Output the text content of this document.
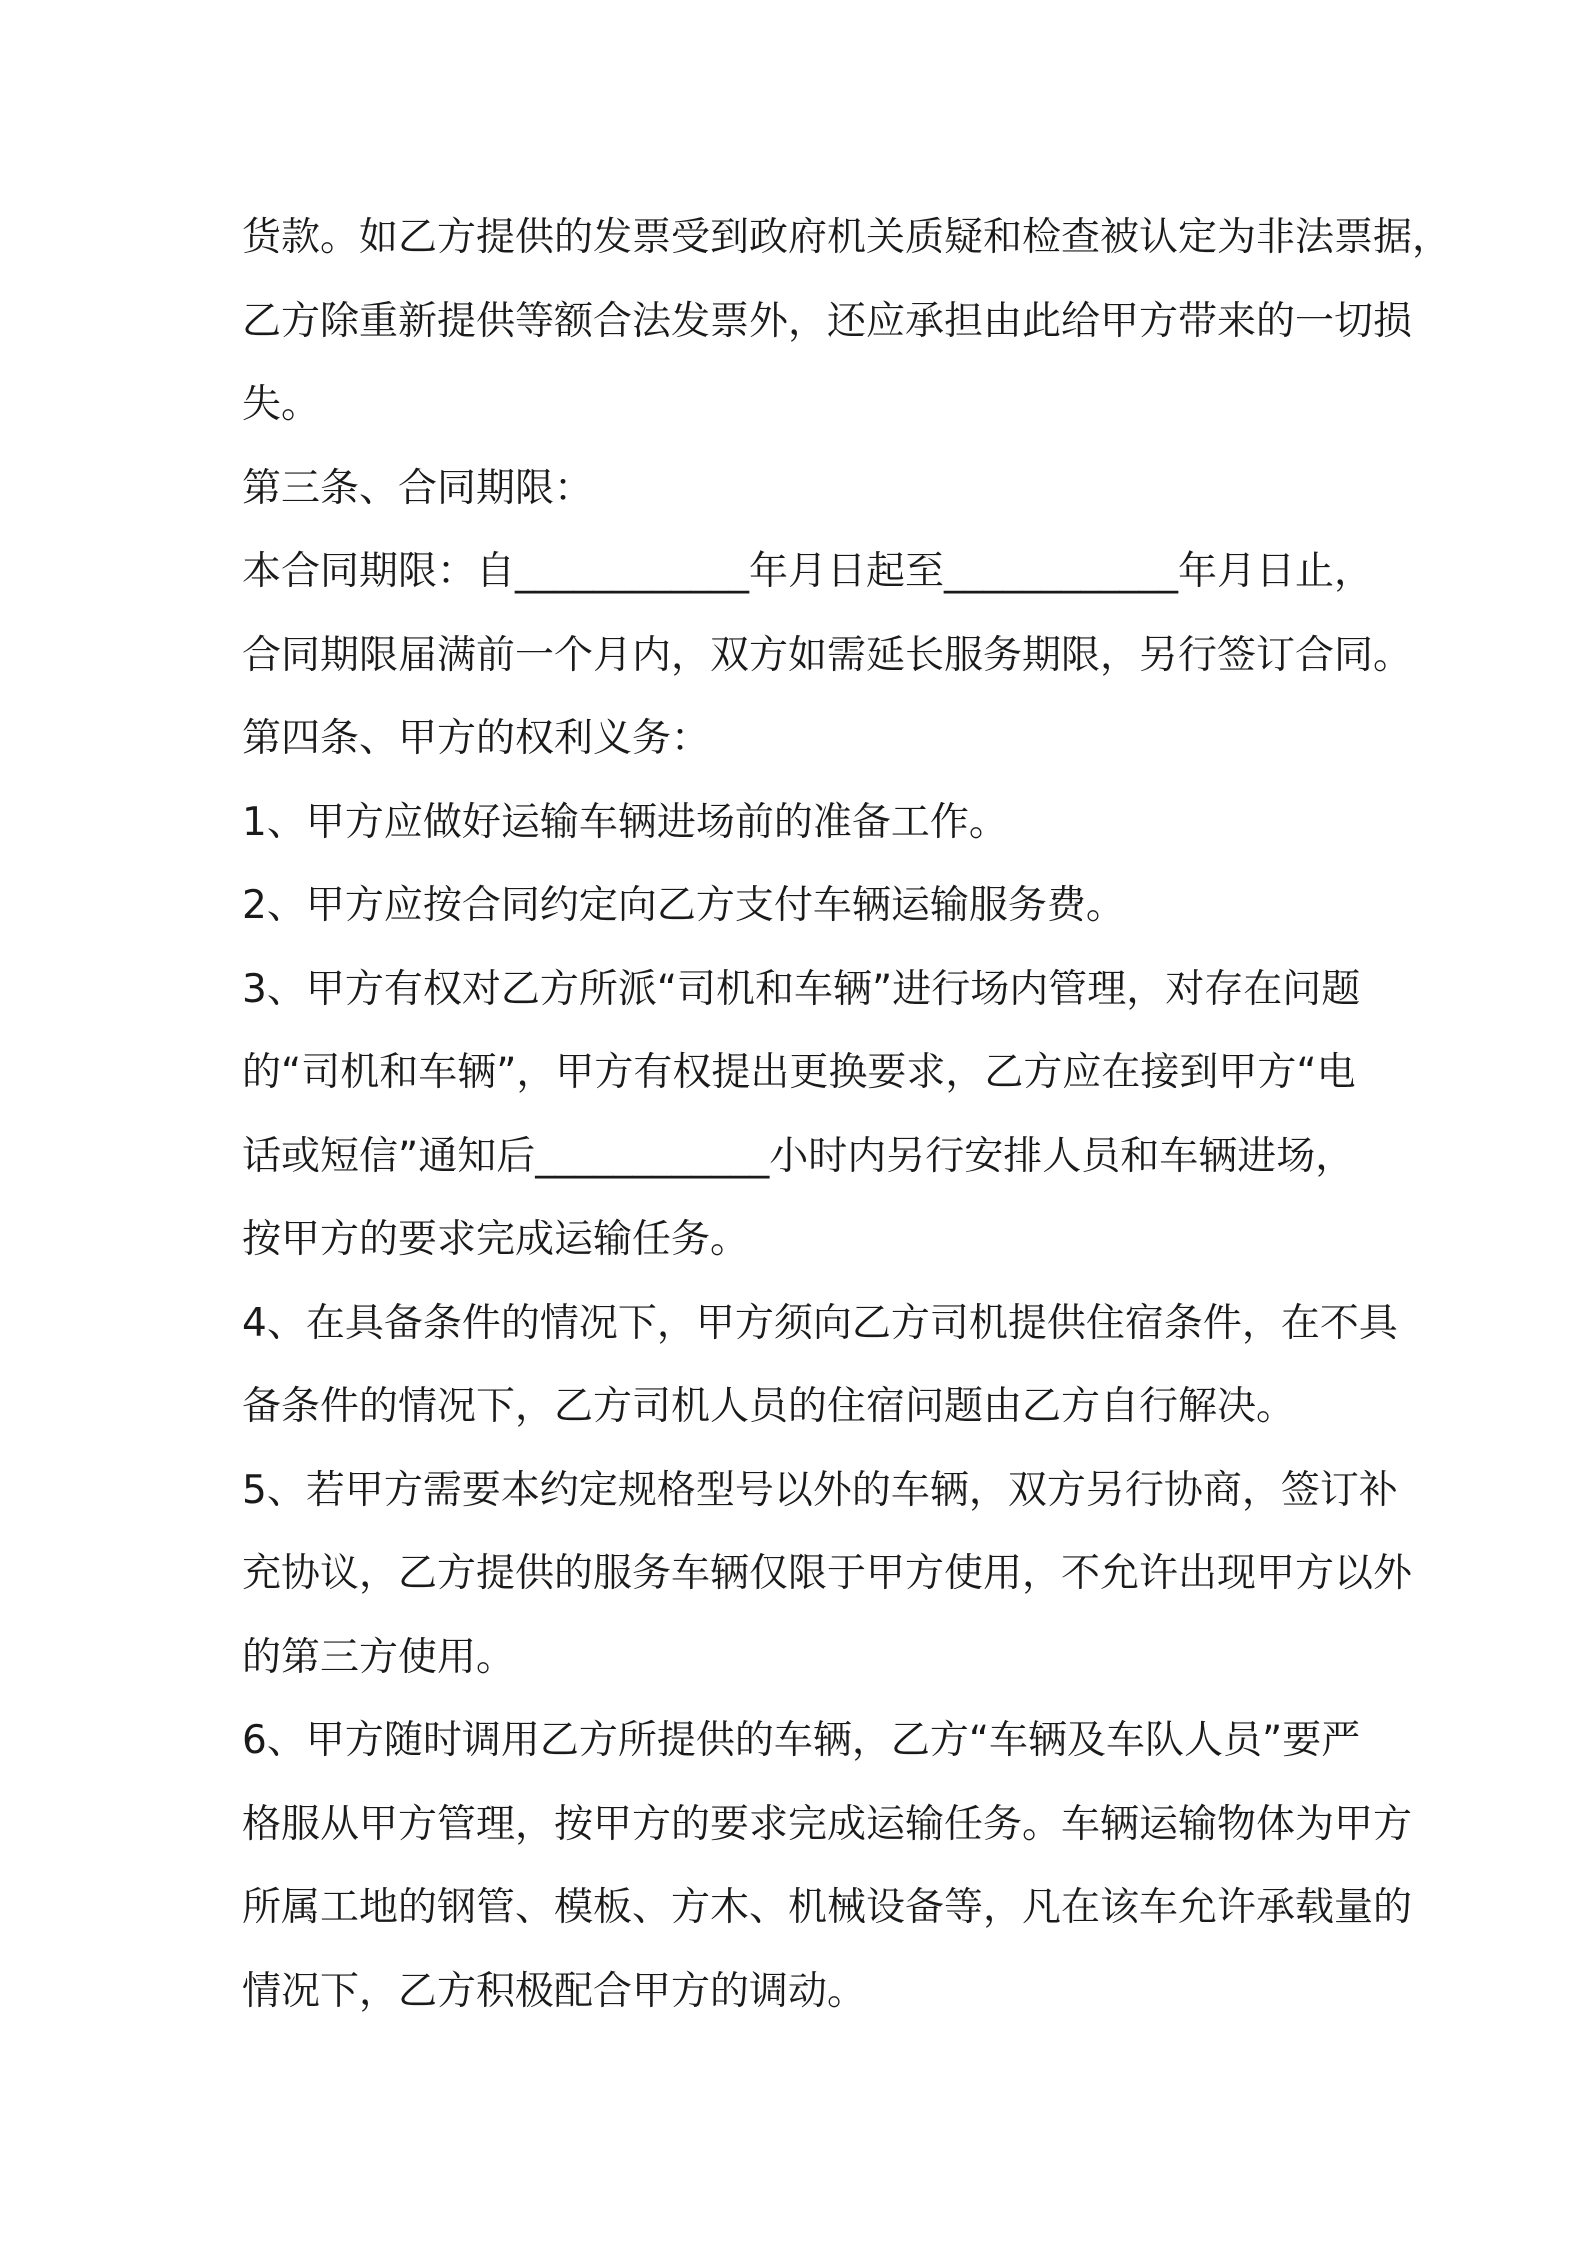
货款。如乙方提供的发票受到政府机关质疑和检查被认定为非法票据，
乙方除重新提供等额合法发票外，还应承担由此给甲方带来的一切损
失。
第三条、合同期限：
本合同期限：自____________年月日起至____________年月日止，
合同期限届满前一个月内，双方如需延长服务期限，另行签订合同。
第四条、甲方的权利义务：
1、甲方应做好运输车辆进场前的准备工作。
2、甲方应按合同约定向乙方支付车辆运输服务费。
3、甲方有权对乙方所派“司机和车辆”进行场内管理，对存在问题
的“司机和车辆”，甲方有权提出更换要求，乙方应在接到甲方“电
话或短信”通知后____________小时内另行安排人员和车辆进场，
按甲方的要求完成运输任务。
4、在具备条件的情况下，甲方须向乙方司机提供住宿条件，在不具
备条件的情况下，乙方司机人员的住宿问题由乙方自行解决。
5、若甲方需要本约定规格型号以外的车辆，双方另行协商，签订补
充协议，乙方提供的服务车辆仅限于甲方使用，不允许出现甲方以外
的第三方使用。
6、甲方随时调用乙方所提供的车辆，乙方“车辆及车队人员”要严
格服从甲方管理，按甲方的要求完成运输任务。车辆运输物体为甲方
所属工地的钢管、模板、方木、机械设备等，凡在该车允许承载量的
情况下，乙方积极配合甲方的调动。
